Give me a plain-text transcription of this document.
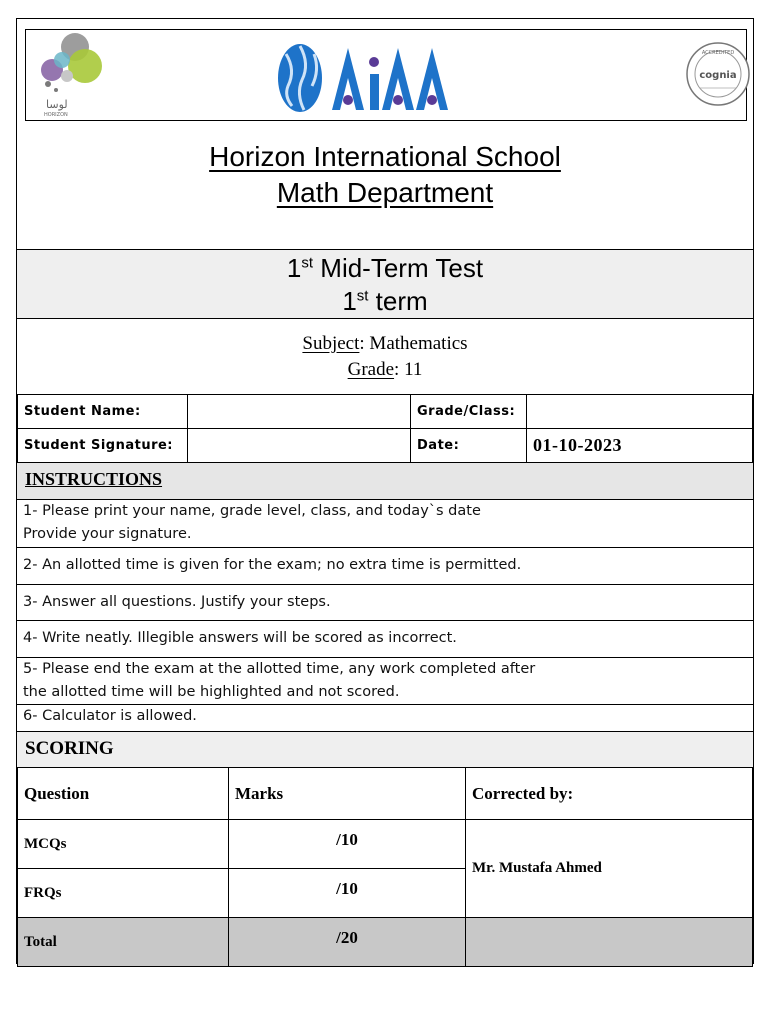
لوسا
HORIZON
ACCREDITED
cognia
Horizon International School
Math Department
1st Mid-Term Test
1st term
Subject: Mathematics
Grade: 11
Student Name:		Grade/Class:	
Student Signature:		Date:	01-10-2023
INSTRUCTIONS
1- Please print your name, grade level, class, and today`s date
Provide your signature.
2- An allotted time is given for the exam; no extra time is permitted.
3- Answer all questions. Justify your steps.
4- Write neatly. Illegible answers will be scored as incorrect.
5- Please end the exam at the allotted time, any work completed after
the allotted time will be highlighted and not scored.
6- Calculator is allowed.
SCORING
Question	Marks	Corrected by:
MCQs	/10	Mr. Mustafa Ahmed
FRQs	/10	
Total	/20	
